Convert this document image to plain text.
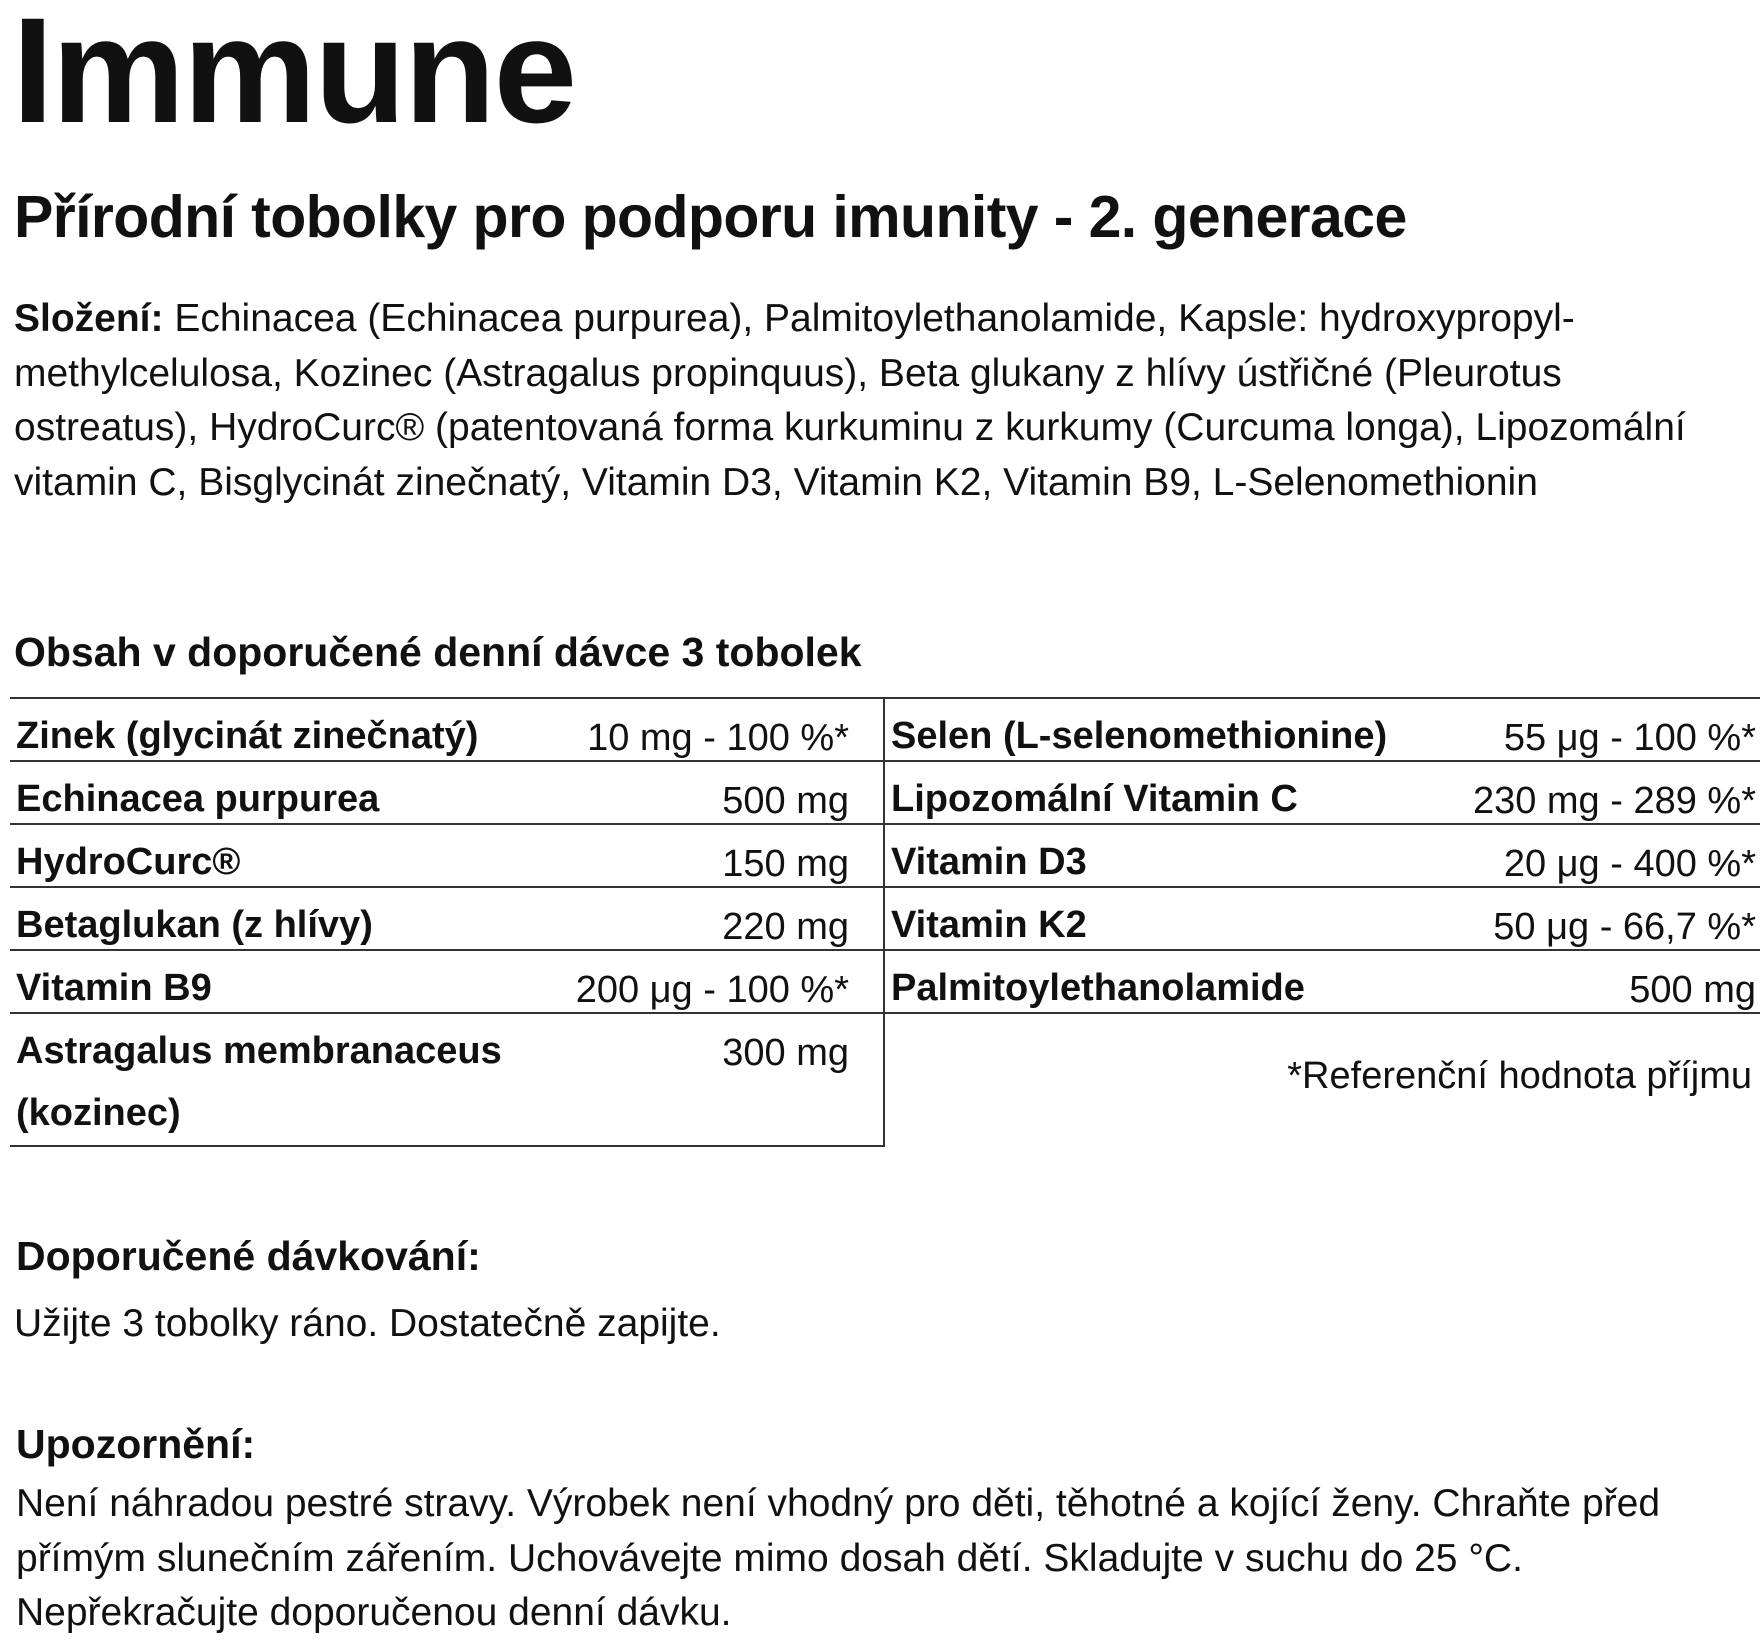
Immune
Přírodní tobolky pro podporu imunity - 2. generace

Složení: Echinacea (Echinacea purpurea), Palmitoylethanolamide, Kapsle: hydroxypropylmethylcelulosa, Kozinec (Astragalus propinquus), Beta glukany z hlívy ústřičné (Pleurotus ostreatus), HydroCurc® (patentovaná forma kurkuminu z kurkumy (Curcuma longa), Lipozomální vitamin C, Bisglycinát zinečnatý, Vitamin D3, Vitamin K2, Vitamin B9, L-Selenomethionin

Obsah v doporučené denní dávce 3 tobolek
Zinek (glycinát zinečnatý)	10 mg - 100 %*
Echinacea purpurea	500 mg
HydroCurc®	150 mg
Betaglukan (z hlívy)	220 mg
Vitamin B9	200 μg - 100 %*
Astragalus membranaceus (kozinec)
300 mg
Selen (L-selenomethionine)	55 μg - 100 %*
Lipozomální Vitamin C	230 mg - 289 %*
Vitamin D3	20 μg - 400 %*
Vitamin K2	50 μg - 66,7 %*
Palmitoylethanolamide	500 mg
*Referenční hodnota příjmu
Doporučené dávkování:

Užijte 3 tobolky ráno. Dostatečně zapijte.

Upozornění:

Není náhradou pestré stravy. Výrobek není vhodný pro děti, těhotné a kojící ženy. Chraňte před přímým slunečním zářením. Uchovávejte mimo dosah dětí. Skladujte v suchu do 25 °C. Nepřekračujte doporučenou denní dávku.
